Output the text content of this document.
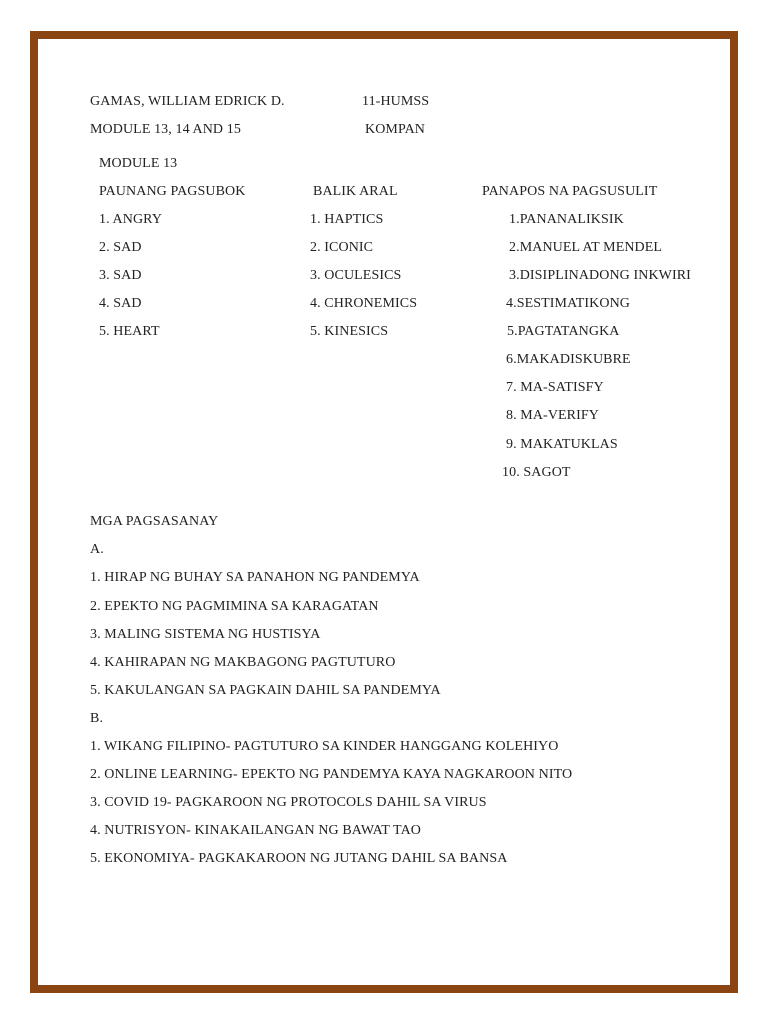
GAMAS, WILLIAM EDRICK D.	11-HUMSS
MODULE 13, 14 AND 15	KOMPAN
MODULE 13
PAUNANG PAGSUBOK
1. ANGRY
2. SAD
3. SAD
4. SAD
5. HEART
BALIK ARAL
1. HAPTICS
2. ICONIC
3. OCULESICS
4. CHRONEMICS
5. KINESICS
PANAPOS NA PAGSUSULIT
1.PANANALIKSIK
2.MANUEL AT MENDEL
3.DISIPLINADONG INKWIRI
4.SESTIMATIKONG
5.PAGTATANGKA
6.MAKADISKUBRE
7. MA-SATISFY
8. MA-VERIFY
9. MAKATUKLAS
10. SAGOT
MGA PAGSASANAY
A.
1. HIRAP NG BUHAY SA PANAHON NG PANDEMYA
2. EPEKTO NG PAGMIMINA SA KARAGATAN
3. MALING SISTEMA NG HUSTISYA
4. KAHIRAPAN NG MAKBAGONG PAGTUTURO
5. KAKULANGAN SA PAGKAIN DAHIL SA PANDEMYA
B.
1. WIKANG FILIPINO- PAGTUTURO SA KINDER HANGGANG KOLEHIYO
2. ONLINE LEARNING- EPEKTO NG PANDEMYA KAYA NAGKAROON NITO
3. COVID 19- PAGKAROON NG PROTOCOLS DAHIL SA VIRUS
4. NUTRISYON- KINAKAILANGAN NG BAWAT TAO
5. EKONOMIYA- PAGKAKAROON NG JUTANG DAHIL SA BANSA
